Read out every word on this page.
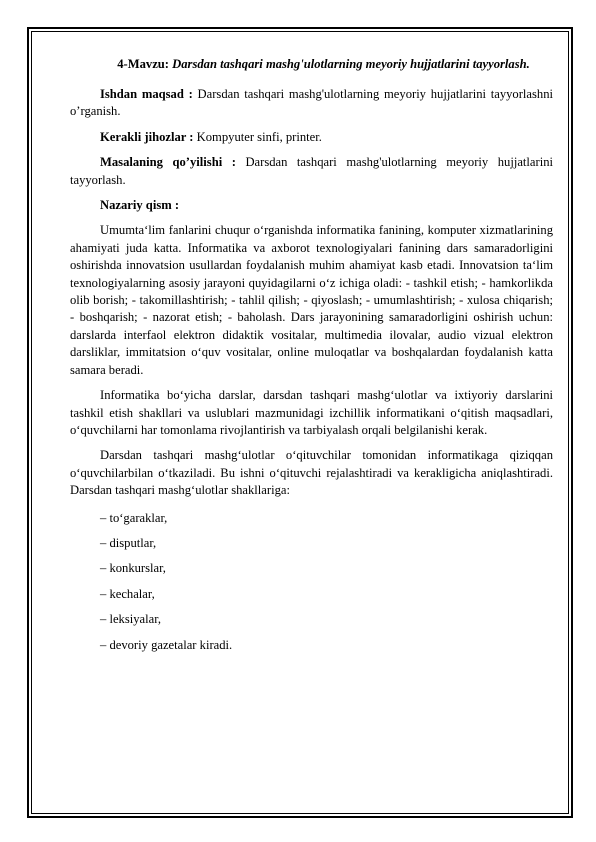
4-Mavzu: Darsdan tashqari mashg'ulotlarning meyoriy hujjatlarini tayyorlash.

Ishdan maqsad : Darsdan tashqari mashg'ulotlarning meyoriy hujjatlarini tayyorlashni o’rganish.

Kerakli jihozlar : Kompyuter sinfi, printer.

Masalaning qo’yilishi : Darsdan tashqari mashg'ulotlarning meyoriy hujjatlarini tayyorlash.

Nazariy qism :

Umumta‘lim fanlarini chuqur o‘rganishda informatika fanining, komputer xizmatlarining ahamiyati juda katta. Informatika va axborot texnologiyalari fanining dars samaradorligini oshirishda innovatsion usullardan foydalanish muhim ahamiyat kasb etadi. Innovatsion ta‘lim texnologiyalarning asosiy jarayoni quyidagilarni o‘z ichiga oladi: - tashkil etish; - hamkorlikda olib borish; - takomillashtirish; - tahlil qilish; - qiyoslash; - umumlashtirish; - xulosa chiqarish; - boshqarish; - nazorat etish; - baholash. Dars jarayonining samaradorligini oshirish uchun: darslarda interfaol elektron didaktik vositalar, multimedia ilovalar, audio vizual elektron darsliklar, immitatsion o‘quv vositalar, online muloqatlar va boshqalardan foydalanish katta samara beradi.

Informatika bo‘yicha darslar, darsdan tashqari mashg‘ulotlar va ixtiyoriy darslarini tashkil etish shakllari va uslublari mazmunidagi izchillik informatikani o‘qitish maqsadlari, o‘quvchilarni har tomonlama rivojlantirish va tarbiyalash orqali belgilanishi kerak.

Darsdan tashqari mashg‘ulotlar o‘qituvchilar tomonidan informatikaga qiziqqan o‘quvchilarbilan o‘tkaziladi. Bu ishni o‘qituvchi rejalashtiradi va kerakligicha aniqlashtiradi. Darsdan tashqari mashg‘ulotlar shakllariga:

– to‘garaklar,
– disputlar,
– konkurslar,
– kechalar,
– leksiyalar,
– devoriy gazetalar kiradi.
